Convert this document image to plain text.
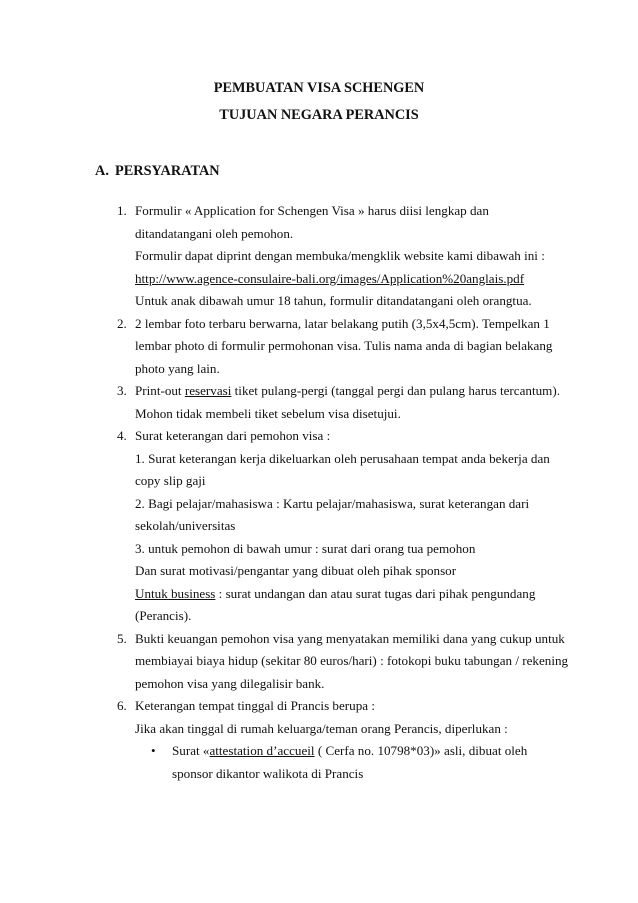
PEMBUATAN VISA SCHENGEN
TUJUAN NEGARA PERANCIS
A. PERSYARATAN
1. Formulir « Application for Schengen Visa » harus diisi lengkap dan
ditandatangani oleh pemohon.
Formulir dapat diprint dengan membuka/mengklik website kami dibawah ini :
http://www.agence-consulaire-bali.org/images/Application%20anglais.pdf
Untuk anak dibawah umur 18 tahun, formulir ditandatangani oleh orangtua.
2. 2 lembar foto terbaru berwarna, latar belakang putih (3,5x4,5cm). Tempelkan 1
lembar photo di formulir permohonan visa. Tulis nama anda di bagian belakang
photo yang lain.
3. Print-out reservasi tiket pulang-pergi (tanggal pergi dan pulang harus tercantum).
Mohon tidak membeli tiket sebelum visa disetujui.
4. Surat keterangan dari pemohon visa :
1. Surat keterangan kerja dikeluarkan oleh perusahaan tempat anda bekerja dan
copy slip gaji
2. Bagi pelajar/mahasiswa : Kartu pelajar/mahasiswa, surat keterangan dari
sekolah/universitas
3. untuk pemohon di bawah umur : surat dari orang tua pemohon
Dan surat motivasi/pengantar yang dibuat oleh pihak sponsor
Untuk business : surat undangan dan atau surat tugas dari pihak pengundang
(Perancis).
5. Bukti keuangan pemohon visa yang menyatakan memiliki dana yang cukup untuk
membiayai biaya hidup (sekitar 80 euros/hari) : fotokopi buku tabungan / rekening
pemohon visa yang dilegalisir bank.
6. Keterangan tempat tinggal di Prancis berupa :
Jika akan tinggal di rumah keluarga/teman orang Perancis, diperlukan :
• Surat «attestation d’accueil ( Cerfa no. 10798*03)» asli, dibuat oleh
sponsor dikantor walikota di Prancis
